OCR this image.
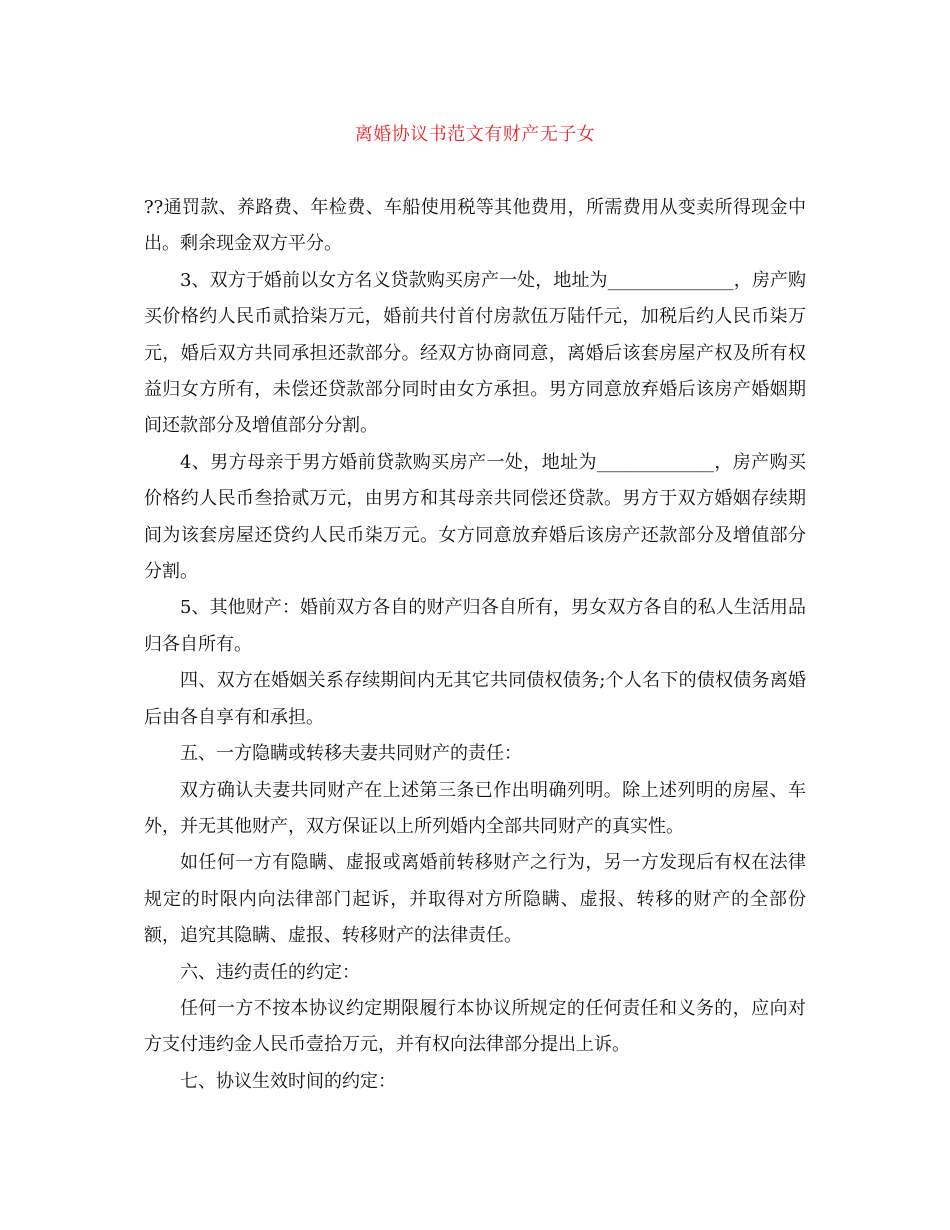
离婚协议书范文有财产无子女

??通罚款、养路费、年检费、车船使用税等其他费用，所需费用从变卖所得现金中出。剩余现金双方平分。

3、双方于婚前以女方名义贷款购买房产一处，地址为______________，房产购买价格约人民币贰拾柒万元，婚前共付首付房款伍万陆仟元，加税后约人民币柒万元，婚后双方共同承担还款部分。经双方协商同意，离婚后该套房屋产权及所有权益归女方所有，未偿还贷款部分同时由女方承担。男方同意放弃婚后该房产婚姻期间还款部分及增值部分分割。

4、男方母亲于男方婚前贷款购买房产一处，地址为_____________，房产购买价格约人民币叁拾贰万元，由男方和其母亲共同偿还贷款。男方于双方婚姻存续期间为该套房屋还贷约人民币柒万元。女方同意放弃婚后该房产还款部分及增值部分分割。

5、其他财产：婚前双方各自的财产归各自所有，男女双方各自的私人生活用品归各自所有。

四、双方在婚姻关系存续期间内无其它共同债权债务;个人名下的债权债务离婚后由各自享有和承担。

五、一方隐瞒或转移夫妻共同财产的责任：

双方确认夫妻共同财产在上述第三条已作出明确列明。除上述列明的房屋、车外，并无其他财产，双方保证以上所列婚内全部共同财产的真实性。

如任何一方有隐瞒、虚报或离婚前转移财产之行为，另一方发现后有权在法律规定的时限内向法律部门起诉，并取得对方所隐瞒、虚报、转移的财产的全部份额，追究其隐瞒、虚报、转移财产的法律责任。

六、违约责任的约定：

任何一方不按本协议约定期限履行本协议所规定的任何责任和义务的，应向对方支付违约金人民币壹拾万元，并有权向法律部分提出上诉。

七、协议生效时间的约定：
